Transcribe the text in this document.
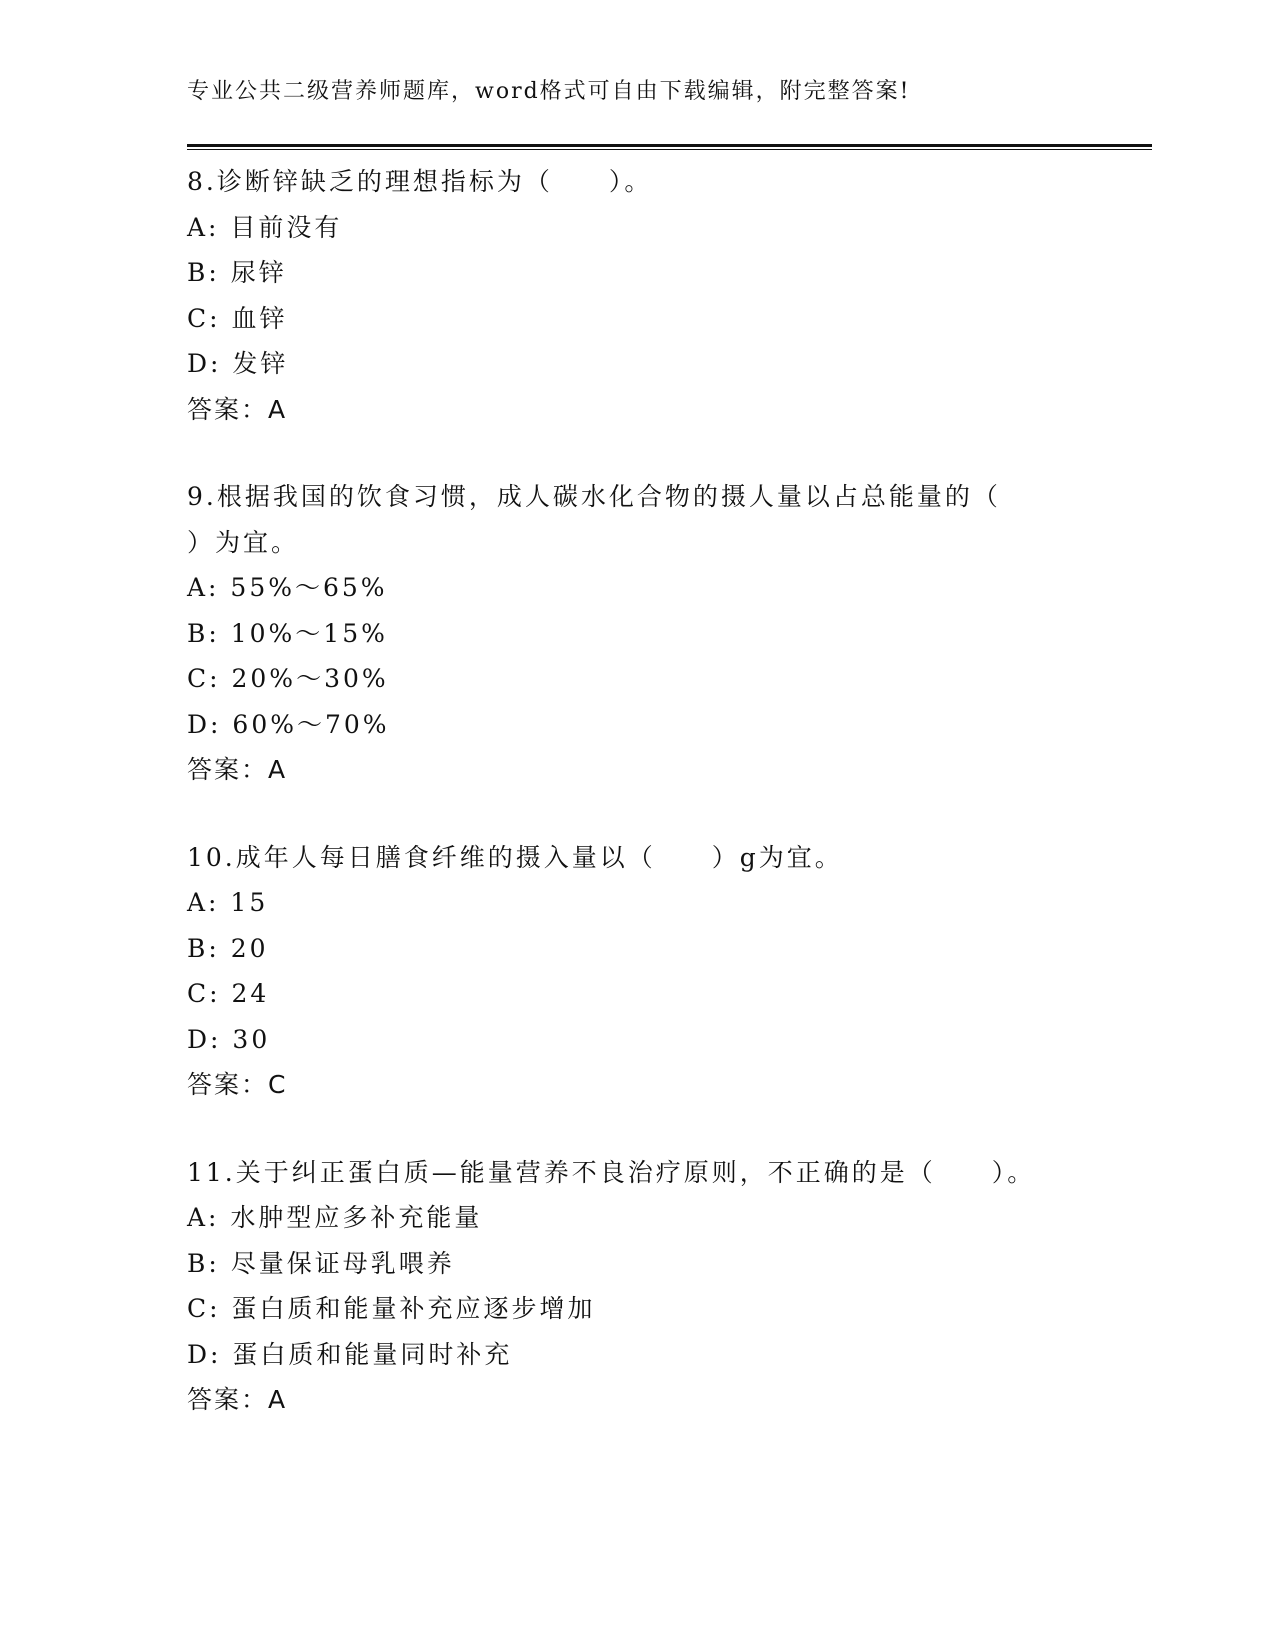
专业公共二级营养师题库，word格式可自由下载编辑，附完整答案!
8.诊断锌缺乏的理想指标为（　　）。
A: 目前没有
B: 尿锌
C: 血锌
D: 发锌
答案：A
9.根据我国的饮食习惯，成人碳水化合物的摄人量以占总能量的（
）为宜。
A: 55%～65%
B: 10%～15%
C: 20%～30%
D: 60%～70%
答案：A
10.成年人每日膳食纤维的摄入量以（　　）g为宜。
A: 15
B: 20
C: 24
D: 30
答案：C
11.关于纠正蛋白质—能量营养不良治疗原则，不正确的是（　　）。
A: 水肿型应多补充能量
B: 尽量保证母乳喂养
C: 蛋白质和能量补充应逐步增加
D: 蛋白质和能量同时补充
答案：A
